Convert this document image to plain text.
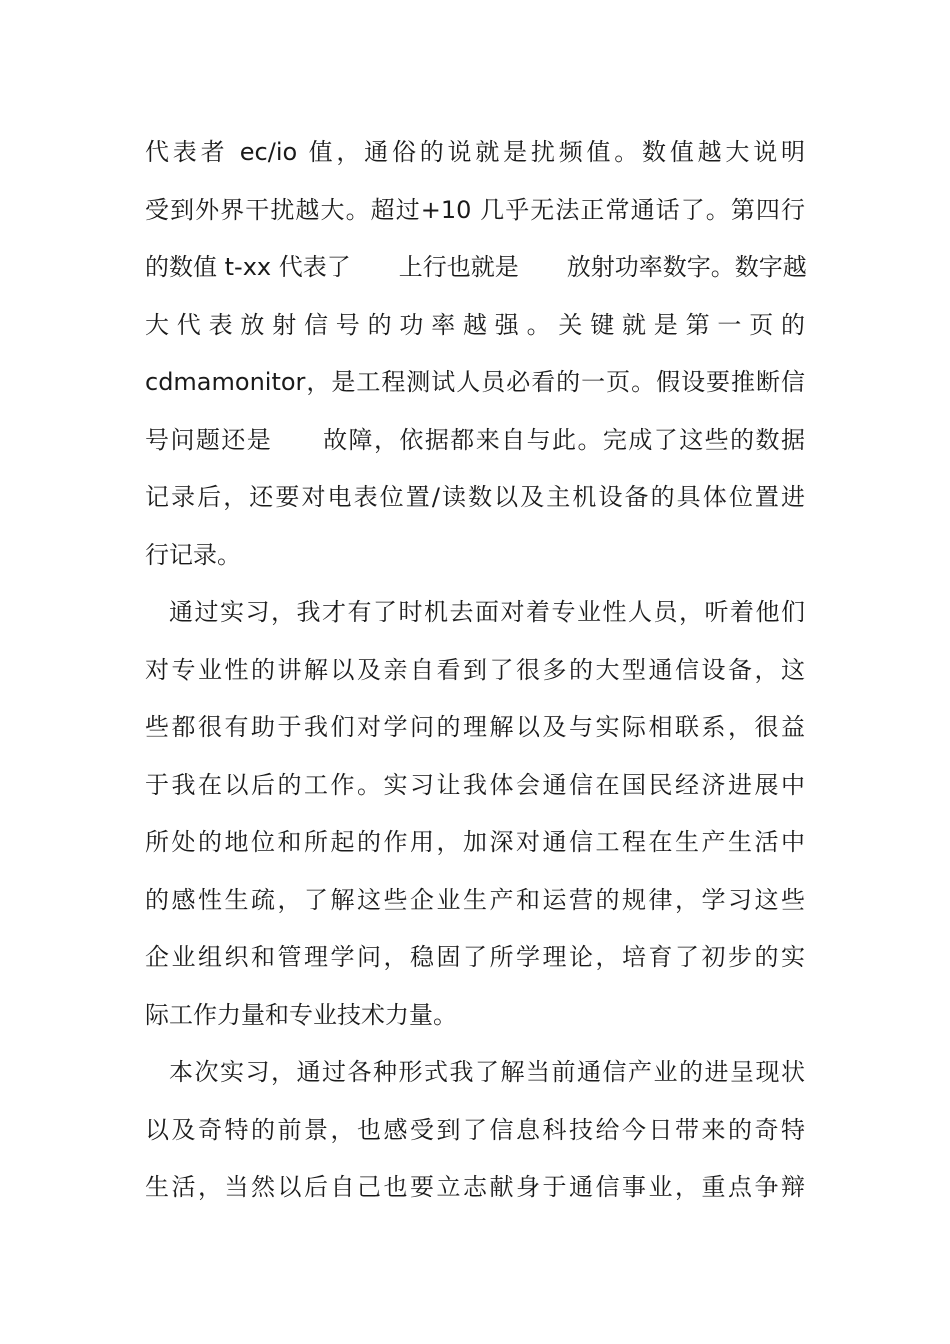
代表者 ec/io 值，通俗的说就是扰频值。数值越大说明
受到外界干扰越大。超过+10 几乎无法正常通话了。第四行
的数值 t-xx 代表了　　上行也就是　　放射功率数字。数字越
大代表放射信号的功率越强。关键就是第一页的
cdmamonitor，是工程测试人员必看的一页。假设要推断信
号问题还是　　故障，依据都来自与此。完成了这些的数据
记录后，还要对电表位置/读数以及主机设备的具体位置进
行记录。
通过实习，我才有了时机去面对着专业性人员，听着他们
对专业性的讲解以及亲自看到了很多的大型通信设备，这
些都很有助于我们对学问的理解以及与实际相联系，很益
于我在以后的工作。实习让我体会通信在国民经济进展中
所处的地位和所起的作用，加深对通信工程在生产生活中
的感性生疏，了解这些企业生产和运营的规律，学习这些
企业组织和管理学问，稳固了所学理论，培育了初步的实
际工作力量和专业技术力量。
本次实习，通过各种形式我了解当前通信产业的进呈现状
以及奇特的前景，也感受到了信息科技给今日带来的奇特
生活，当然以后自己也要立志献身于通信事业，重点争辩
